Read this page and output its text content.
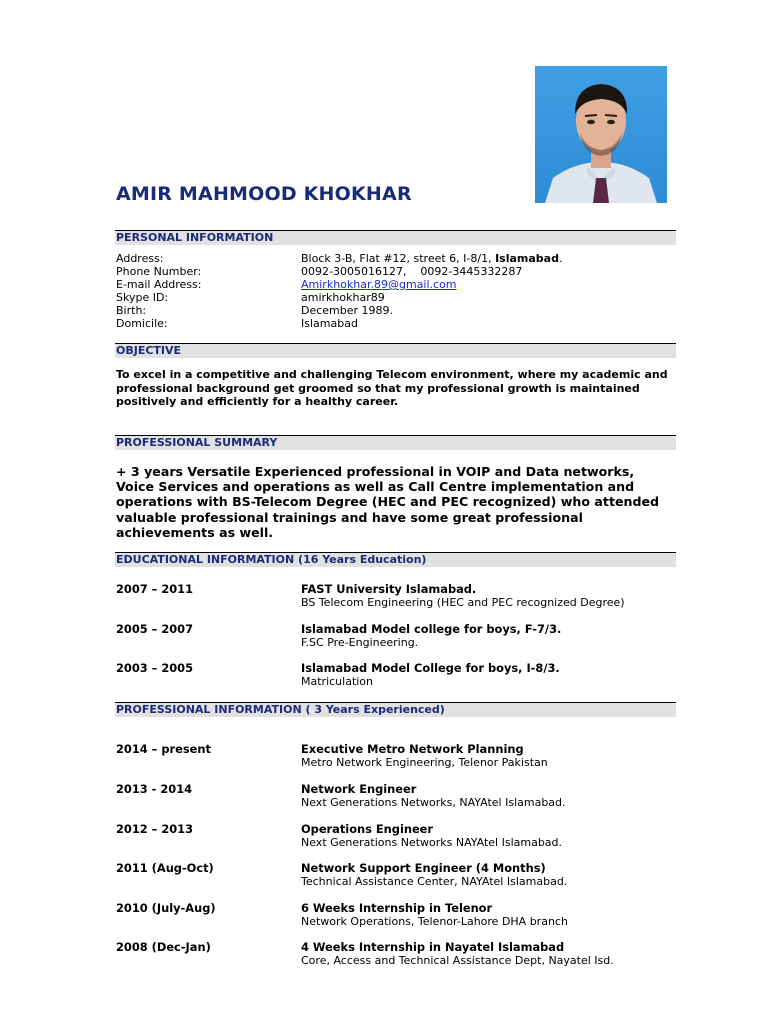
AMIR MAHMOOD KHOKHAR
PERSONAL INFORMATION
Address:	Block 3-B, Flat #12, street 6, I-8/1, Islamabad.
Phone Number:	0092-3005016127,    0092-3445332287
E-mail Address:	Amirkhokhar.89@gmail.com
Skype ID:	amirkhokhar89
Birth:	December 1989.
Domicile:	Islamabad
OBJECTIVE
To excel in a competitive and challenging Telecom environment, where my academic and professional background get groomed so that my professional growth is maintained positively and efficiently for a healthy career.
PROFESSIONAL SUMMARY
+ 3 years Versatile Experienced professional in VOIP and Data networks, Voice Services and operations as well as Call Centre implementation and operations with BS-Telecom Degree (HEC and PEC recognized) who attended valuable professional trainings and have some great professional achievements as well.
EDUCATIONAL INFORMATION (16 Years Education)
2007 – 2011	FAST University Islamabad.
BS Telecom Engineering (HEC and PEC recognized Degree)
2005 – 2007	Islamabad Model college for boys, F-7/3.
F.SC Pre-Engineering.
2003 – 2005	Islamabad Model College for boys, I-8/3.
Matriculation
PROFESSIONAL INFORMATION ( 3 Years Experienced)
2014 – present	Executive Metro Network Planning
Metro Network Engineering, Telenor Pakistan
2013 - 2014	Network Engineer
Next Generations Networks, NAYAtel Islamabad.
2012 – 2013	Operations Engineer
Next Generations Networks NAYAtel Islamabad.
2011 (Aug-Oct)	Network Support Engineer (4 Months)
Technical Assistance Center, NAYAtel Islamabad.
2010 (July-Aug)	6 Weeks Internship in Telenor
Network Operations, Telenor-Lahore DHA branch
2008 (Dec-Jan)	4 Weeks Internship in Nayatel Islamabad
Core, Access and Technical Assistance Dept, Nayatel Isd.
